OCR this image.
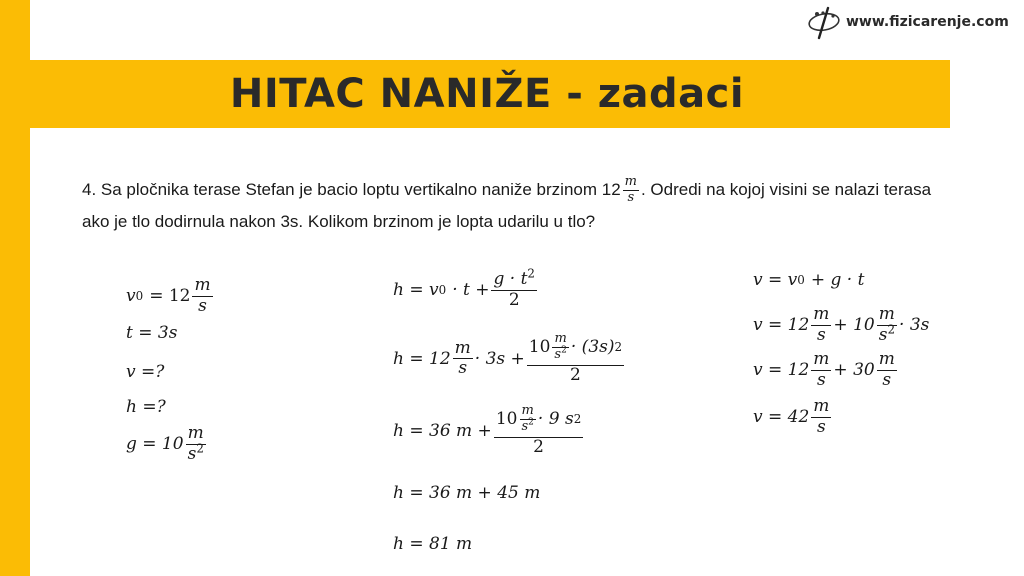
www.fizicarenje.com
HITAC NANIŽE - zadaci
4. Sa pločnika terase Stefan je bacio loptu vertikalno naniže brzinom $12 \frac{m}{s}$ . Odredi na kojoj visini se nalazi terasa ako je tlo dodirnula nakon 3s. Kolikom brzinom je lopta udarilu u tlo?
v $0 = 12 \frac{m}{s}$
t = 3s
v =?
h =?
$g = 10 \frac{m}{s^2}$
h = v $0 \cdot t + \frac{g \cdot t^2}{2}$
$h = 12 \frac{m}{s} \cdot 3s + \frac{10 \frac{m}{s^2} \cdot (3s) 2}{2}$
h = 36 $m + \frac{10 \frac{m}{s^2} \cdot 9 s 2}{2}$
h = 36 m + 45 m
h = 81 m
v = v 0 + g · t
$v = 12 \frac{m}{s} + 10 \frac{m}{s^2} \cdot 3s$
$v = 12 \frac{m}{s} + 30 \frac{m}{s}$
$v = 42 \frac{m}{s}$
